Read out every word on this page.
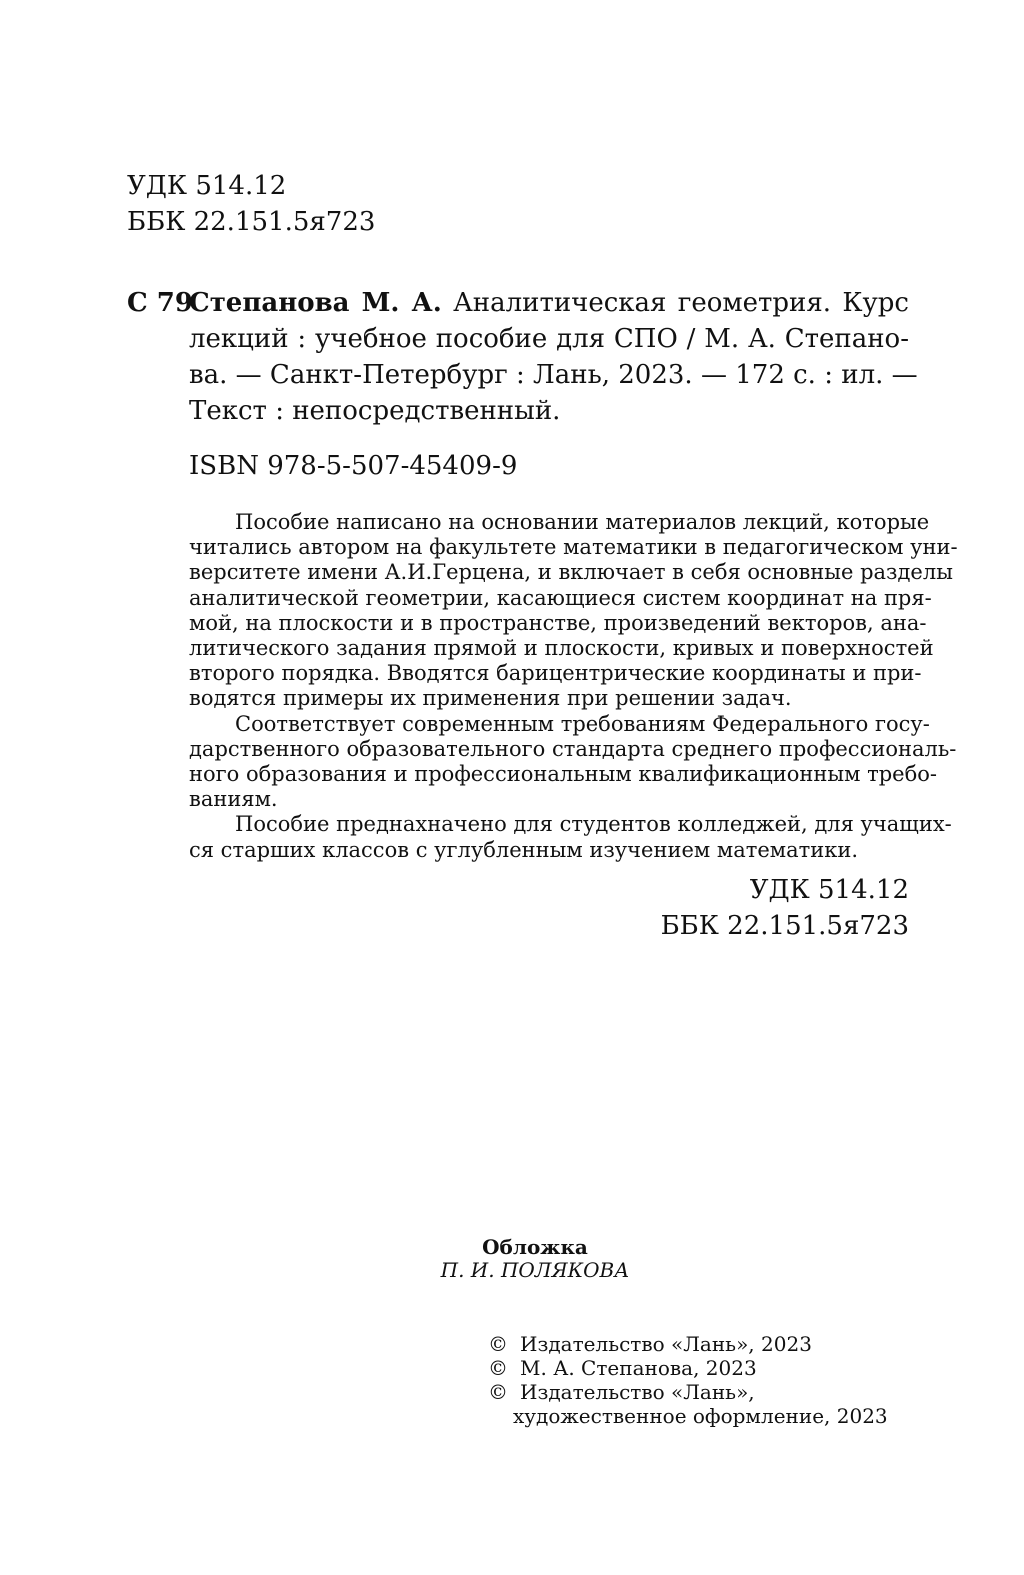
УДК 514.12
ББК 22.151.5я723
С 79
Степанова М. А. Аналитическая геометрия. Курс
лекций : учебное пособие для СПО / М. А. Степано-
ва. — Санкт-Петербург : Лань, 2023. — 172 с. : ил. —
Текст : непосредственный.
ISBN 978-5-507-45409-9
Пособие написано на основании материалов лекций, которые
читались автором на факультете математики в педагогическом уни-
верситете имени А.И.Герцена, и включает в себя основные разделы
аналитической геометрии, касающиеся систем координат на пря-
мой, на плоскости и в пространстве, произведений векторов, ана-
литического задания прямой и плоскости, кривых и поверхностей
второго порядка. Вводятся барицентрические координаты и при-
водятся примеры их применения при решении задач.
Соответствует современным требованиям Федерального госу-
дарственного образовательного стандарта среднего профессиональ-
ного образования и профессиональным квалификационным требо-
ваниям.
Пособие преднахначено для студентов колледжей, для учащих-
ся старших классов с углубленным изучением математики.
УДК 514.12
ББК 22.151.5я723
Обложка
П. И. ПОЛЯКОВА
© Издательство «Лань», 2023
© М. А. Степанова, 2023
© Издательство «Лань»,
художественное оформление, 2023
